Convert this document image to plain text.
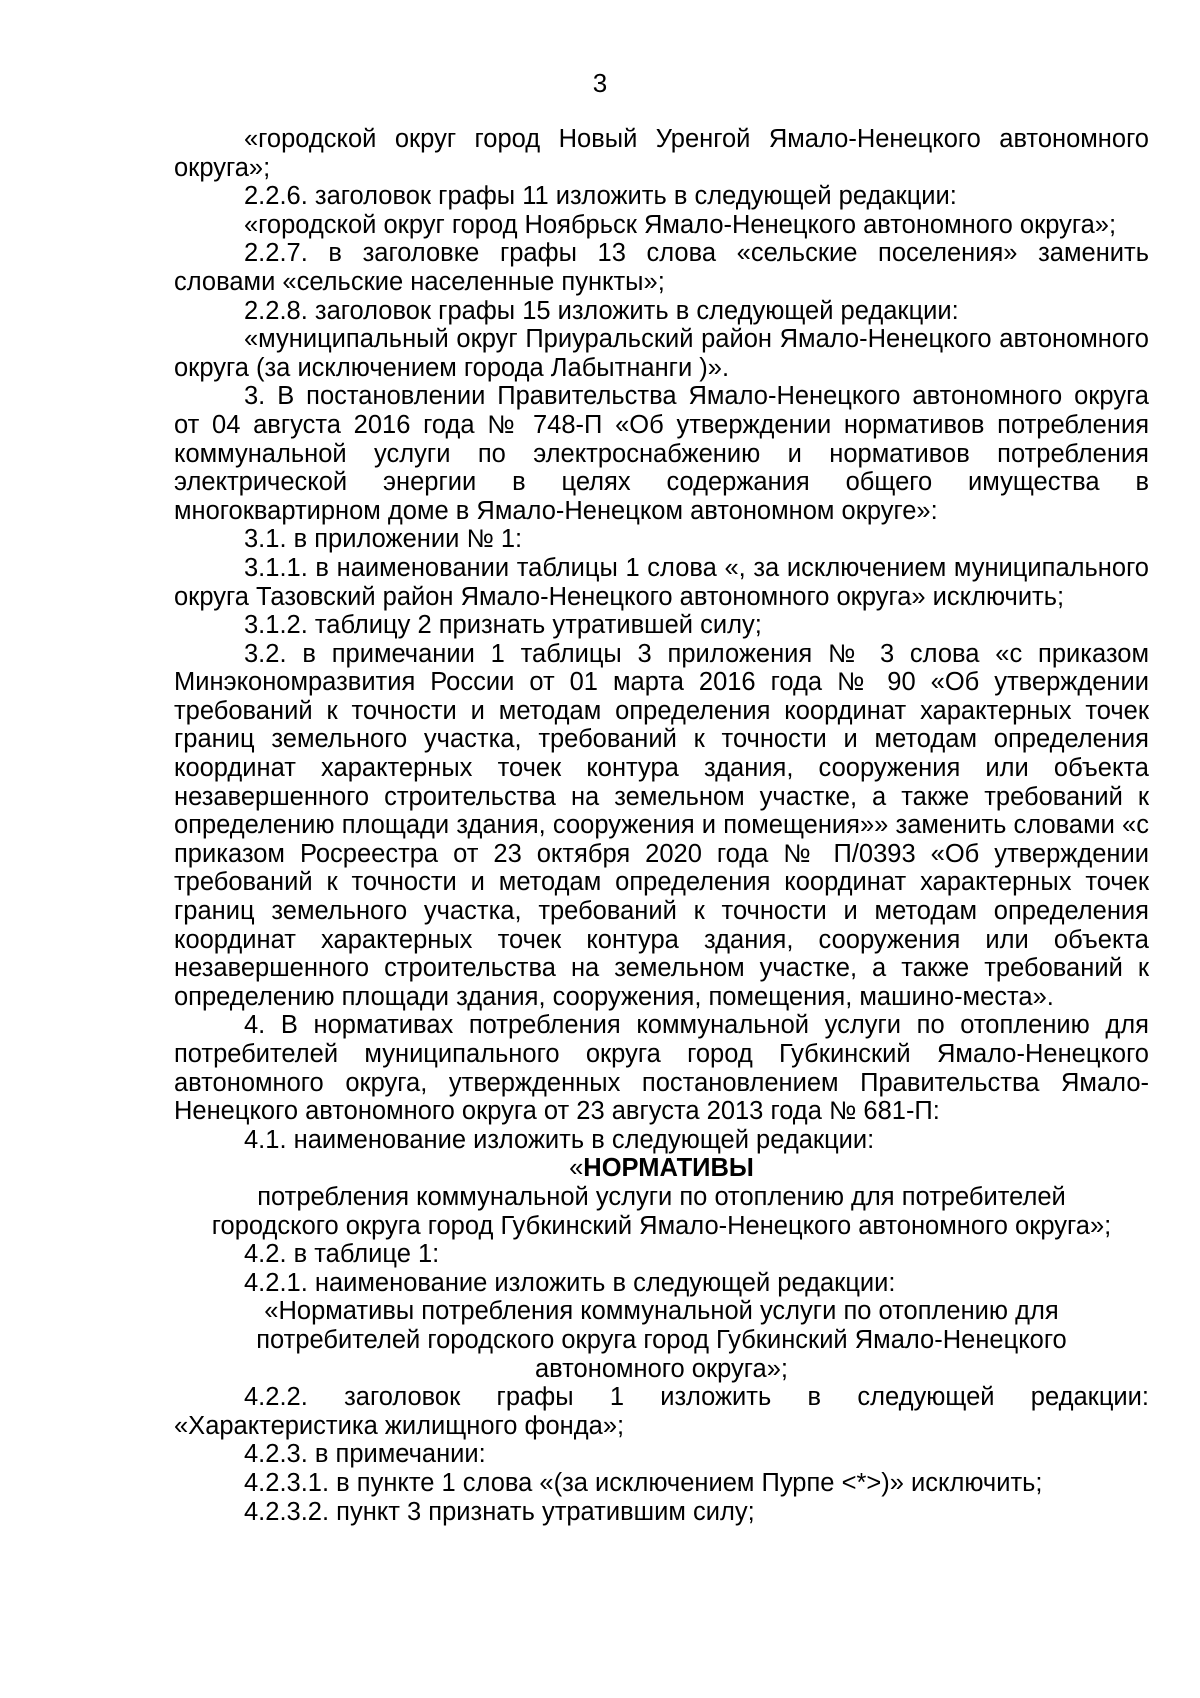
3

«городской округ город Новый Уренгой Ямало-Ненецкого автономного округа»;

2.2.6. заголовок графы 11 изложить в следующей редакции:

«городской округ город Ноябрьск Ямало-Ненецкого автономного округа»;

2.2.7. в заголовке графы 13 слова «сельские поселения» заменить словами «сельские населенные пункты»;

2.2.8. заголовок графы 15 изложить в следующей редакции:

«муниципальный округ Приуральский район Ямало-Ненецкого автономного округа (за исключением города Лабытнанги )».

3. В постановлении Правительства Ямало-Ненецкого автономного округа от 04 августа 2016 года № 748-П «Об утверждении нормативов потребления коммунальной услуги по электроснабжению и нормативов потребления электрической энергии в целях содержания общего имущества в многоквартирном доме в Ямало-Ненецком автономном округе»:

3.1. в приложении № 1:

3.1.1. в наименовании таблицы 1 слова «, за исключением муниципального округа Тазовский район Ямало-Ненецкого автономного округа» исключить;

3.1.2. таблицу 2 признать утратившей силу;

3.2. в примечании 1 таблицы 3 приложения № 3 слова «с приказом Минэкономразвития России от 01 марта 2016 года № 90 «Об утверждении требований к точности и методам определения координат характерных точек границ земельного участка, требований к точности и методам определения координат характерных точек контура здания, сооружения или объекта незавершенного строительства на земельном участке, а также требований к определению площади здания, сооружения и помещения»» заменить словами «с приказом Росреестра от 23 октября 2020 года № П/0393 «Об утверждении требований к точности и методам определения координат характерных точек границ земельного участка, требований к точности и методам определения координат характерных точек контура здания, сооружения или объекта незавершенного строительства на земельном участке, а также требований к определению площади здания, сооружения, помещения, машино-места».

4. В нормативах потребления коммунальной услуги по отоплению для потребителей муниципального округа город Губкинский Ямало-Ненецкого автономного округа, утвержденных постановлением Правительства Ямало-Ненецкого автономного округа от 23 августа 2013 года № 681-П:

4.1. наименование изложить в следующей редакции:

«НОРМАТИВЫ

потребления коммунальной услуги по отоплению для потребителей

городского округа город Губкинский Ямало-Ненецкого автономного округа»;

4.2. в таблице 1:

4.2.1. наименование изложить в следующей редакции:

«Нормативы потребления коммунальной услуги по отоплению для

потребителей городского округа город Губкинский Ямало-Ненецкого

автономного округа»;

4.2.2. заголовок графы 1 изложить в следующей редакции: «Характеристика жилищного фонда»;

4.2.3. в примечании:

4.2.3.1. в пункте 1 слова «(за исключением Пурпе <*>)» исключить;

4.2.3.2. пункт 3 признать утратившим силу;
